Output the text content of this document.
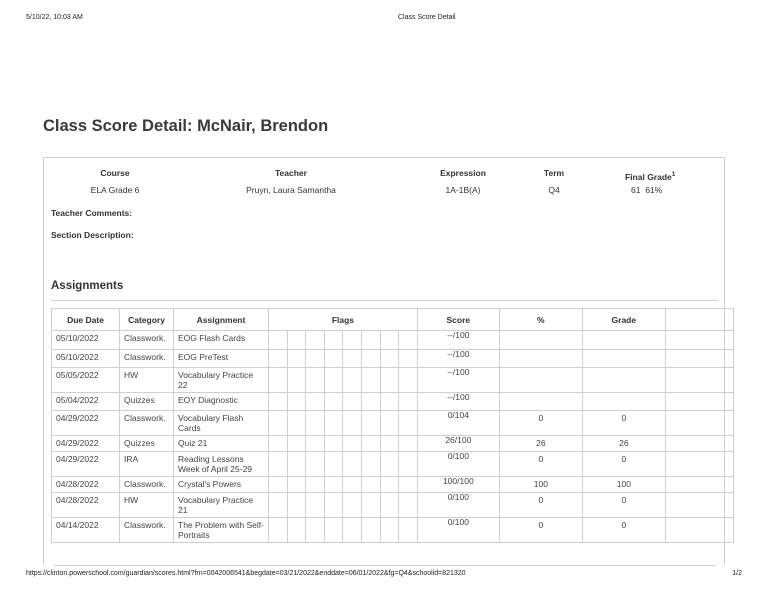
5/10/22, 10:03 AM	Class Score Detail
Class Score Detail: McNair, Brendon
Course	Teacher	Expression	Term	Final Grade$^1$
ELA Grade 6	Pruyn, Laura Samantha	1A-1B(A)	Q4	61 61%
Teacher Comments:
Section Description:
Assignments
Due Date	Category	Assignment	Flags								Score	%	Grade	
05/10/2022	Classwork.	EOG Flash Cards									--/100			
05/10/2022	Classwork.	EOG PreTest									--/100			
05/05/2022	HW	Vocabulary Practice 22									--/100			
05/04/2022	Quizzes	EOY Diagnostic									--/100			
04/29/2022	Classwork.	Vocabulary Flash Cards									0/104	0	0	
04/29/2022	Quizzes	Quiz 21									26/100	26	26	
04/29/2022	IRA	Reading Lessons Week of April 25-29									0/100	0	0	
04/28/2022	Classwork.	Crystal's Powers									100/100	100	100	
04/28/2022	HW	Vocabulary Practice 21									0/100	0	0	
04/14/2022	Classwork.	The Problem with Self-Portraits									0/100	0	0	
https://clinton.powerschool.com/guardian/scores.html?frn=0042006541&begdate=03/21/2022&enddate=06/01/2022&fg=Q4&schoolid=821320	1/2
